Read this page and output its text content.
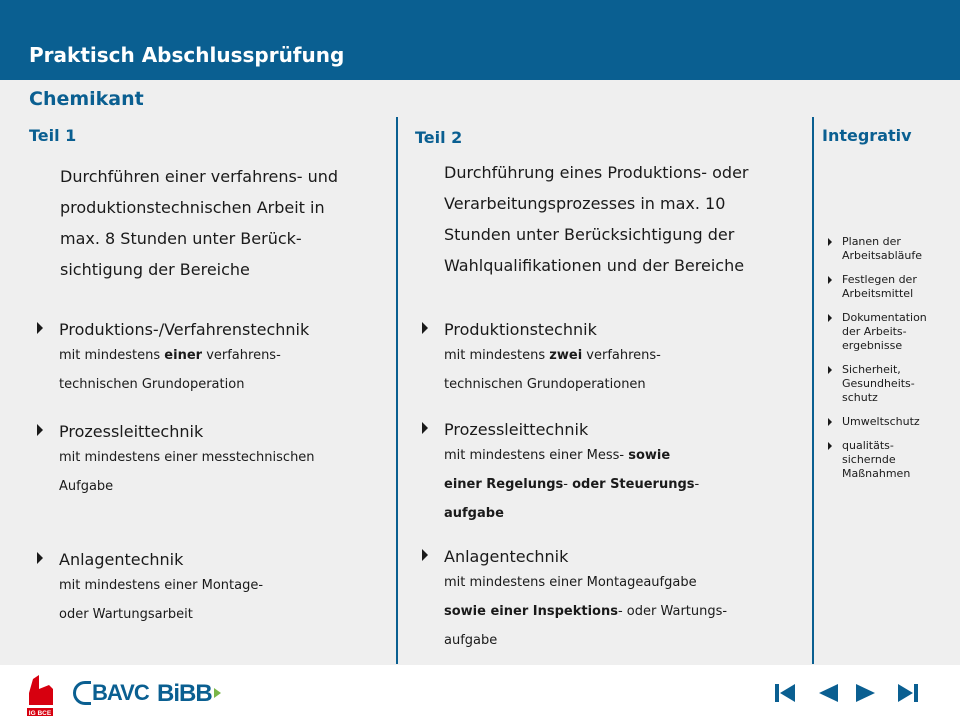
Praktisch Abschlussprüfung
Chemikant
Teil 1	Teil 2	Integrativ
Durchführen einer verfahrens- und
produktionstechnischen Arbeit in
max. 8 Stunden unter Berück-
sichtigung der Bereiche
Durchführung eines Produktions- oder
Verarbeitungsprozesses in max. 10
Stunden unter Berücksichtigung der
Wahlqualifikationen und der Bereiche
Produktions-/Verfahrenstechnik
mit mindestens einer verfahrens-
technischen Grundoperation
Prozessleittechnik
mit mindestens einer messtechnischen
Aufgabe
Anlagentechnik
mit mindestens einer Montage-
oder Wartungsarbeit
Produktionstechnik
mit mindestens zwei verfahrens-
technischen Grundoperationen
Prozessleittechnik
mit mindestens einer Mess- sowie
einer Regelungs- oder Steuerungs-
aufgabe
Anlagentechnik
mit mindestens einer Montageaufgabe
sowie einer Inspektions- oder Wartungs-
aufgabe
Planen der
Arbeitsabläufe
Festlegen der
Arbeitsmittel
Dokumentation
der Arbeits-
ergebnisse
Sicherheit,
Gesundheits-
schutz
Umweltschutz
qualitäts-
sichernde
Maßnahmen
IG BCE
BAVC BiBB
